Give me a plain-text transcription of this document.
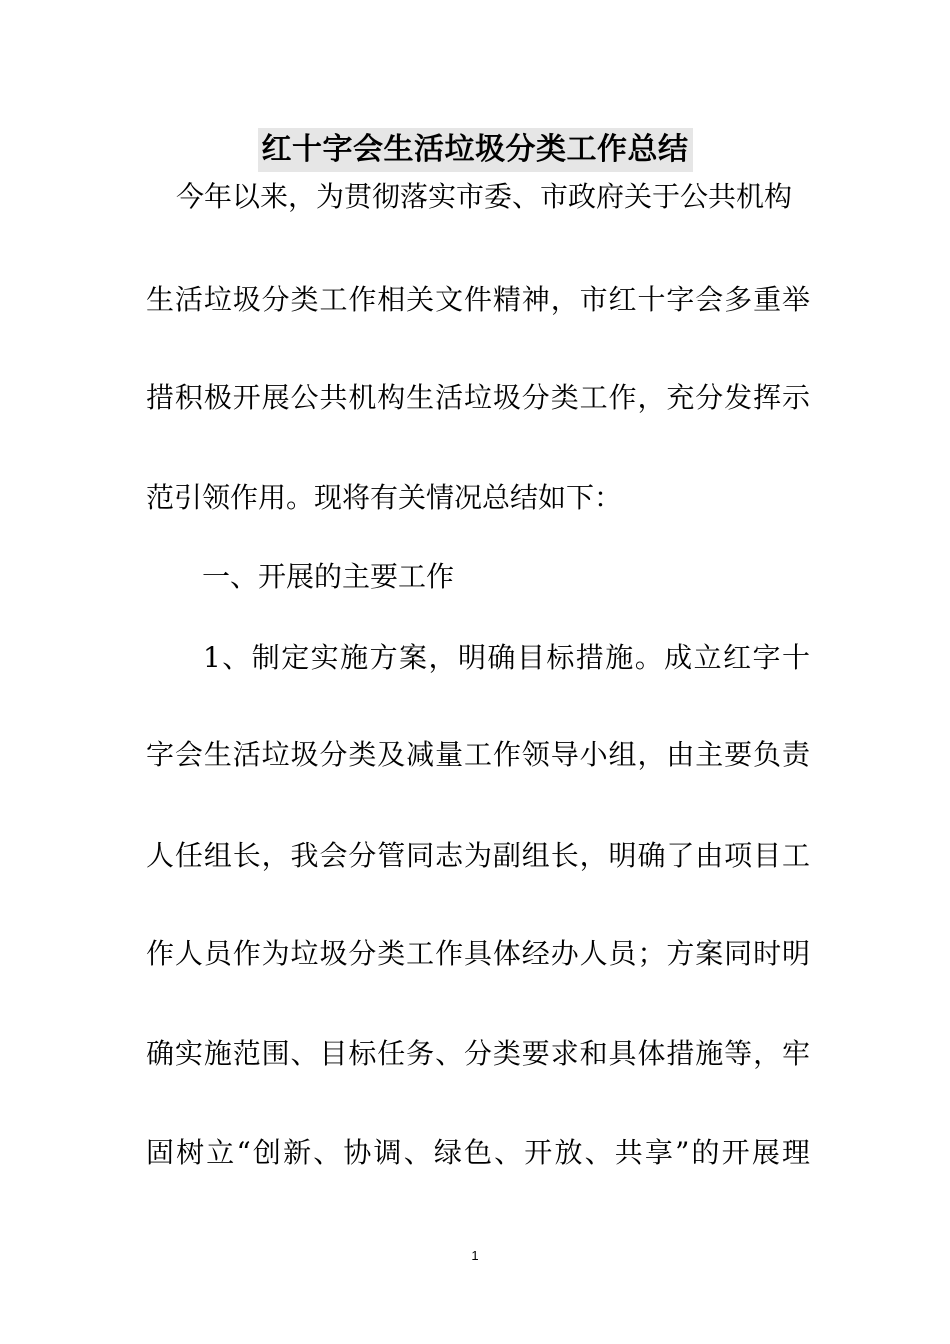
红十字会生活垃圾分类工作总结

今年以来，为贯彻落实市委、市政府关于公共机构

生活垃圾分类工作相关文件精神，市红十字会多重举

措积极开展公共机构生活垃圾分类工作，充分发挥示

范引领作用。现将有关情况总结如下：

一、开展的主要工作

1、制定实施方案，明确目标措施。成立红字十

字会生活垃圾分类及减量工作领导小组，由主要负责

人任组长，我会分管同志为副组长，明确了由项目工

作人员作为垃圾分类工作具体经办人员；方案同时明

确实施范围、目标任务、分类要求和具体措施等，牢

固树立“创新、协调、绿色、开放、共享”的开展理

1
